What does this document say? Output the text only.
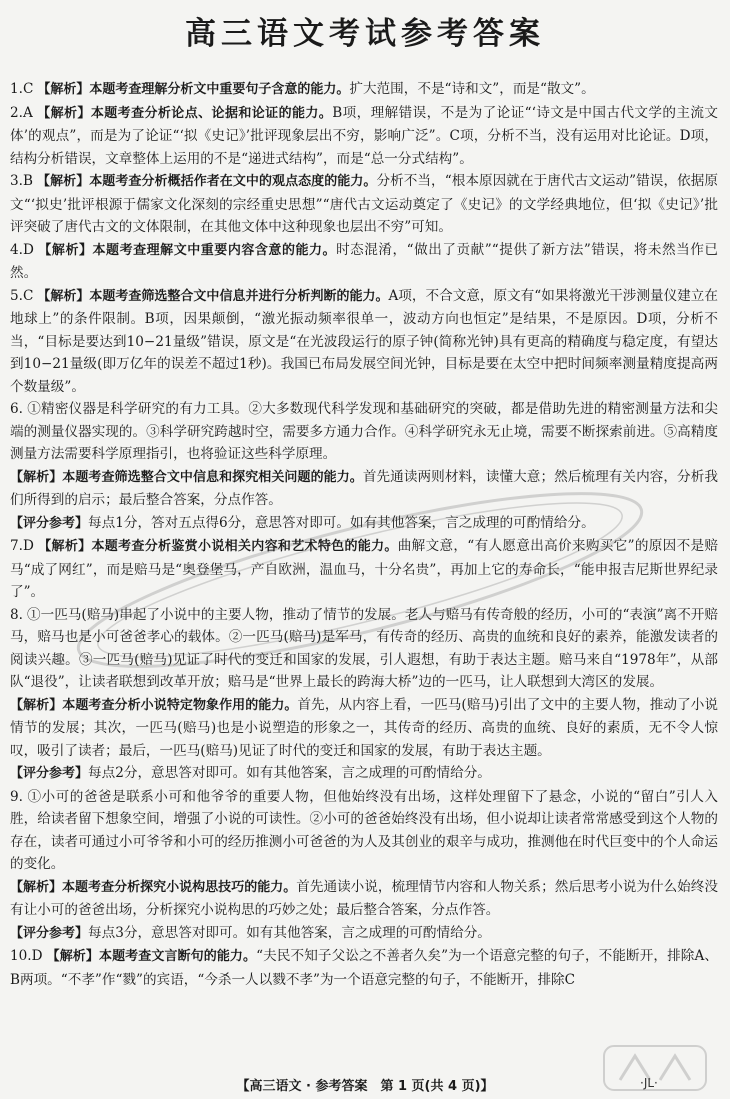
高三语文考试参考答案

1.C 【解析】本题考查理解分析文中重要句子含意的能力。扩大范围，不是“诗和文”，而是“散文”。

2.A 【解析】本题考查分析论点、论据和论证的能力。B项，理解错误，不是为了论证“‘诗文是中国古代文学的主流文体’的观点”，而是为了论证“‘拟《史记》’批评现象层出不穷，影响广泛”。C项，分析不当，没有运用对比论证。D项，结构分析错误，文章整体上运用的不是“递进式结构”，而是“总一分式结构”。

3.B 【解析】本题考查分析概括作者在文中的观点态度的能力。分析不当，“根本原因就在于唐代古文运动”错误，依据原文“‘拟史’批评根源于儒家文化深刻的宗经重史思想”“唐代古文运动奠定了《史记》的文学经典地位，但‘拟《史记》’批评突破了唐代古文的文体限制，在其他文体中这种现象也层出不穷”可知。

4.D 【解析】本题考查理解文中重要内容含意的能力。时态混淆，“做出了贡献”“提供了新方法”错误，将未然当作已然。

5.C 【解析】本题考查筛选整合文中信息并进行分析判断的能力。A项，不合文意，原文有“如果将激光干涉测量仪建立在地球上”的条件限制。B项，因果颠倒，“激光振动频率很单一，波动方向也恒定”是结果，不是原因。D项，分析不当，“目标是要达到10−21量级”错误，原文是“在光波段运行的原子钟(简称光钟)具有更高的精确度与稳定度，有望达到10−21量级(即万亿年的误差不超过1秒)。我国已布局发展空间光钟，目标是要在太空中把时间频率测量精度提高两个数量级”。

6. ①精密仪器是科学研究的有力工具。②大多数现代科学发现和基础研究的突破，都是借助先进的精密测量方法和尖端的测量仪器实现的。③科学研究跨越时空，需要多方通力合作。④科学研究永无止境，需要不断探索前进。⑤高精度测量方法需要科学原理指引，也将验证这些科学原理。

【解析】本题考查筛选整合文中信息和探究相关问题的能力。首先通读两则材料，读懂大意；然后梳理有关内容，分析我们所得到的启示；最后整合答案，分点作答。

【评分参考】每点1分，答对五点得6分，意思答对即可。如有其他答案，言之成理的可酌情给分。

7.D 【解析】本题考查分析鉴赏小说相关内容和艺术特色的能力。曲解文意，“有人愿意出高价来购买它”的原因不是赔马“成了网红”，而是赔马是“奥登堡马，产自欧洲，温血马，十分名贵”，再加上它的寿命长，“能申报吉尼斯世界纪录了”。

8. ①一匹马(赔马)串起了小说中的主要人物，推动了情节的发展。老人与赔马有传奇般的经历，小可的“表演”离不开赔马，赔马也是小可爸爸孝心的载体。②一匹马(赔马)是军马，有传奇的经历、高贵的血统和良好的素养，能激发读者的阅读兴趣。③一匹马(赔马)见证了时代的变迁和国家的发展，引人遐想，有助于表达主题。赔马来自“1978年”，从部队“退役”，让读者联想到改革开放；赔马是“世界上最长的跨海大桥”边的一匹马，让人联想到大湾区的发展。

【解析】本题考查分析小说特定物象作用的能力。首先，从内容上看，一匹马(赔马)引出了文中的主要人物，推动了小说情节的发展；其次，一匹马(赔马)也是小说塑造的形象之一，其传奇的经历、高贵的血统、良好的素质，无不令人惊叹，吸引了读者；最后，一匹马(赔马)见证了时代的变迁和国家的发展，有助于表达主题。

【评分参考】每点2分，意思答对即可。如有其他答案，言之成理的可酌情给分。

9. ①小可的爸爸是联系小可和他爷爷的重要人物，但他始终没有出场，这样处理留下了悬念，小说的“留白”引人入胜，给读者留下想象空间，增强了小说的可读性。②小可的爸爸始终没有出场，但小说却让读者常常感受到这个人物的存在，读者可通过小可爷爷和小可的经历推测小可爸爸的为人及其创业的艰辛与成功，推测他在时代巨变中的个人命运的变化。

【解析】本题考查分析探究小说构思技巧的能力。首先通读小说，梳理情节内容和人物关系；然后思考小说为什么始终没有让小可的爸爸出场，分析探究小说构思的巧妙之处；最后整合答案，分点作答。

【评分参考】每点3分，意思答对即可。如有其他答案，言之成理的可酌情给分。

10.D 【解析】本题考查文言断句的能力。“夫民不知子父讼之不善者久矣”为一个语意完整的句子，不能断开，排除A、B两项。“不孝”作“戮”的宾语，“今杀一人以戮不孝”为一个语意完整的句子，不能断开，排除C

【高三语文 · 参考答案　第 1 页(共 4 页)】	·JL·
